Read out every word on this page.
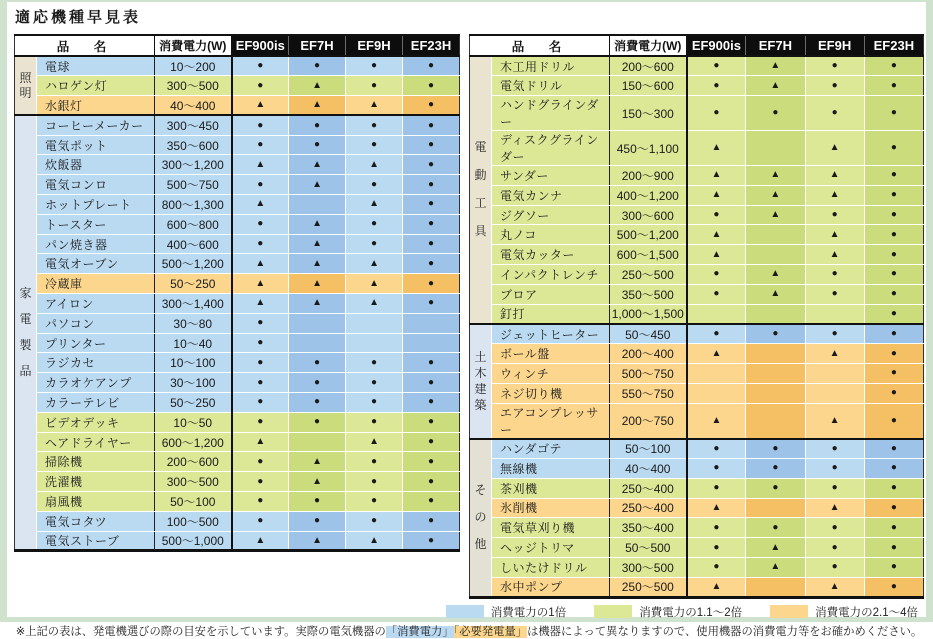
適応機種早見表
品　名		消費電力(W)	EF900is	EF7H	EF9H	EF23H

照
明	電球	10〜200	●	●	●	●
	ハロゲン灯	300〜500	●	▲	●	●
	水銀灯	40〜400	▲	▲	▲	●

家
電
製
品	コーヒーメーカー	300〜450	●	●	●	●
	電気ポット	350〜600	●	●	●	●
	炊飯器	300〜1,200	▲	▲	▲	●
	電気コンロ	500〜750	●	▲	●	●
	ホットプレート	800〜1,300	▲		▲	●
	トースター	600〜800	●	▲	●	●
	パン焼き器	400〜600	●	▲	●	●
	電気オーブン	500〜1,200	▲	▲	▲	●
	冷蔵庫	50〜250	▲	▲	▲	●
	アイロン	300〜1,400	▲	▲	▲	●
	パソコン	30〜80	●			
	プリンター	10〜40	●			
	ラジカセ	10〜100	●	●	●	●
	カラオケアンプ	30〜100	●	●	●	●
	カラーテレビ	50〜250	●	●	●	●
	ビデオデッキ	10〜50	●	●	●	●
	ヘアドライヤー	600〜1,200	▲		▲	●
	掃除機	200〜600	●	▲	●	●
	洗濯機	300〜500	●	▲	●	●
	扇風機	50〜100	●	●	●	●
	電気コタツ	100〜500	●	●	●	●
	電気ストーブ	500〜1,000	▲	▲	▲	●
品　名		消費電力(W)	EF900is	EF7H	EF9H	EF23H

電
動
工
具	木工用ドリル	200〜600	●	▲	●	●
	電気ドリル	150〜600	●	▲	●	●
	ハンドグラインダー	150〜300	●	●	●	●
	ディスクグラインダー	450〜1,100	▲		▲	●
	サンダー	200〜900	▲	▲	▲	●
	電気カンナ	400〜1,200	▲	▲	▲	●
	ジグソー	300〜600	●	▲	●	●
	丸ノコ	500〜1,200	▲		▲	●
	電気カッター	600〜1,500	▲		▲	●
	インパクトレンチ	250〜500	●	▲	●	●
	ブロア	350〜500	●	▲	●	●
	釘打	1,000〜1,500				●

土
木
建
築	ジェットヒーター	50〜450	●	●	●	●
	ボール盤	200〜400	▲		▲	●
	ウィンチ	500〜750				●
	ネジ切り機	550〜750				●
	エアコンプレッサー	200〜750	▲		▲	●

そ
の
他	ハンダゴテ	50〜100	●	●	●	●
	無線機	40〜400	●	●	●	●
	茶刈機	250〜400	●	●	●	●
	氷削機	250〜400	▲		▲	●
	電気草刈り機	350〜400	●	●	●	●
	ヘッジトリマ	50〜500	●	▲	●	●
	しいたけドリル	300〜500	●	▲	●	●
	水中ポンプ	250〜500	▲		▲	●
消費電力の1倍	消費電力の1.1〜2倍	消費電力の2.1〜4倍

※上記の表は、発電機選びの際の目安を示しています。実際の電気機器の「消費電力」「必要発電量」は機器によって異なりますので、使用機器の消費電力等をお確かめください。
